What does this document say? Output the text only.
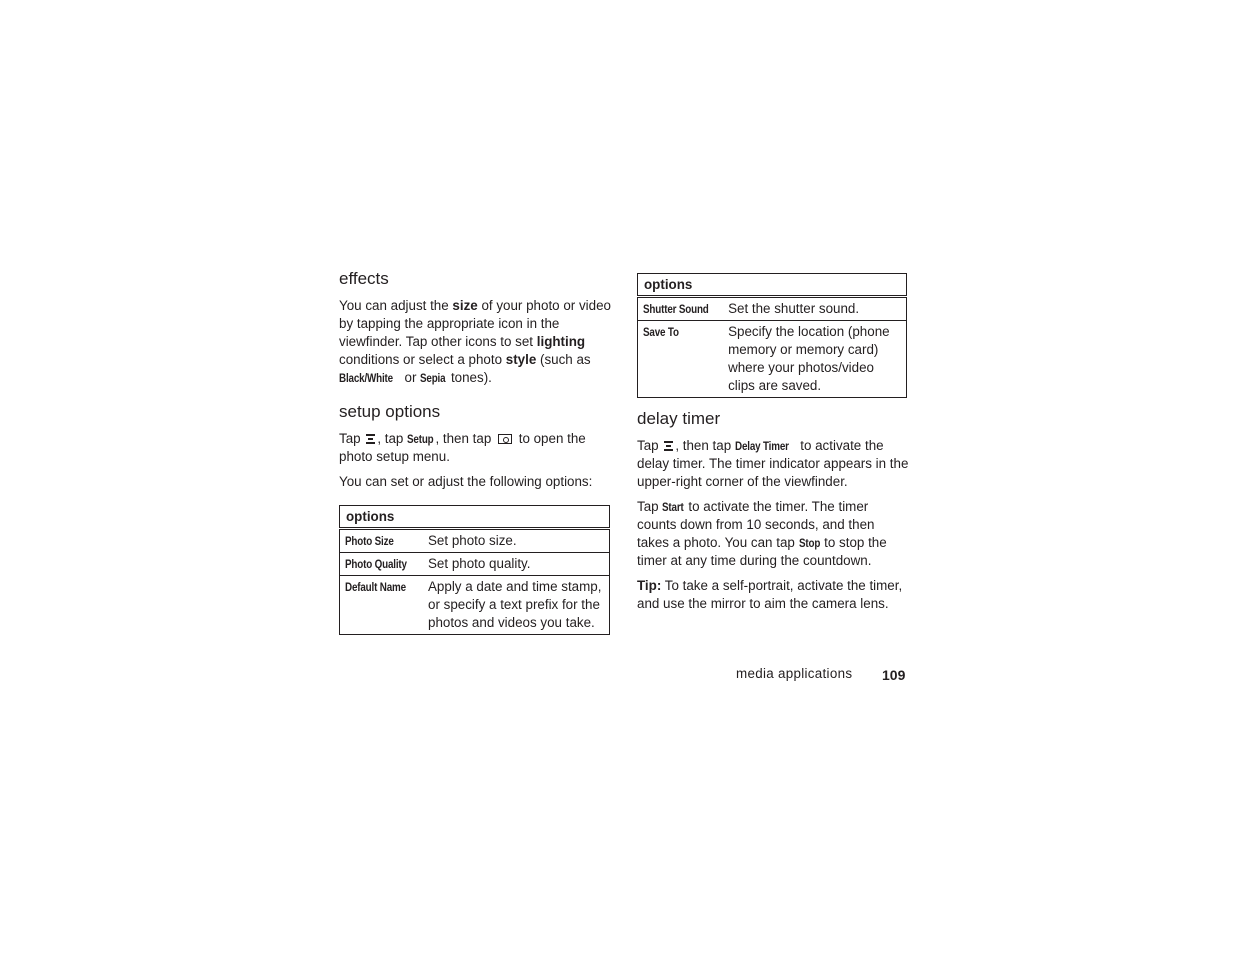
effects

You can adjust the size of your photo or video by tapping the appropriate icon in the viewfinder. Tap other icons to set lighting conditions or select a photo style (such as Black/White or Sepia tones).

setup options

Tap
, tap Setup , then tap  to open the photo setup menu.

You can set or adjust the following options:

options	
Photo Size	Set photo size.
Photo Quality	Set photo quality.
Default Name	Apply a date and time stamp, or specify a text prefix for the photos and videos you take.
options	
Shutter Sound	Set the shutter sound.
Save To	Specify the location (phone memory or memory card) where your photos/video clips are saved.
delay timer

Tap
, then tap Delay Timer to activate the delay timer. The timer indicator appears in the upper-right corner of the viewfinder.

Tap Start to activate the timer. The timer counts down from 10 seconds, and then takes a photo. You can tap Stop to stop the timer at any time during the countdown.

Tip: To take a self-portrait, activate the timer, and use the mirror to aim the camera lens.

media applications 109
